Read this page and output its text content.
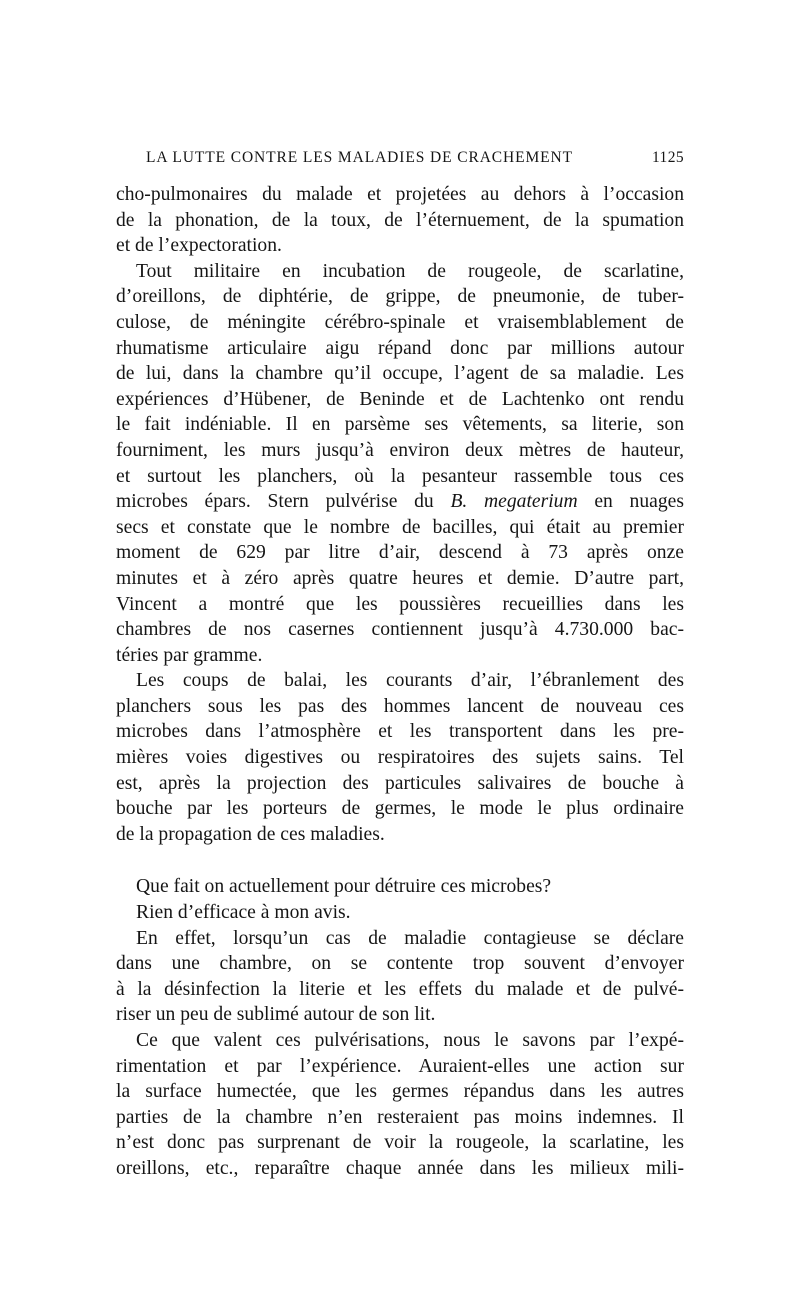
LA LUTTE CONTRE LES MALADIES DE CRACHEMENT	1125

cho-pulmonaires du malade et projetées au dehors à l’occasion
de la phonation, de la toux, de l’éternuement, de la spumation
et de l’expectoration.

Tout militaire en incubation de rougeole, de scarlatine,
d’oreillons, de diphtérie, de grippe, de pneumonie, de tuber-
culose, de méningite cérébro-spinale et vraisemblablement de
rhumatisme articulaire aigu répand donc par millions autour
de lui, dans la chambre qu’il occupe, l’agent de sa maladie. Les
expériences d’Hübener, de Beninde et de Lachtenko ont rendu
le fait indéniable. Il en parsème ses vêtements, sa literie, son
fourniment, les murs jusqu’à environ deux mètres de hauteur,
et surtout les planchers, où la pesanteur rassemble tous ces
microbes épars. Stern pulvérise du B. megaterium en nuages
secs et constate que le nombre de bacilles, qui était au premier
moment de 629 par litre d’air, descend à 73 après onze
minutes et à zéro après quatre heures et demie. D’autre part,
Vincent a montré que les poussières recueillies dans les
chambres de nos casernes contiennent jusqu’à 4.730.000 bac-
téries par gramme.

Les coups de balai, les courants d’air, l’ébranlement des
planchers sous les pas des hommes lancent de nouveau ces
microbes dans l’atmosphère et les transportent dans les pre-
mières voies digestives ou respiratoires des sujets sains. Tel
est, après la projection des particules salivaires de bouche à
bouche par les porteurs de germes, le mode le plus ordinaire
de la propagation de ces maladies.

Que fait on actuellement pour détruire ces microbes?

Rien d’efficace à mon avis.

En effet, lorsqu’un cas de maladie contagieuse se déclare
dans une chambre, on se contente trop souvent d’envoyer
à la désinfection la literie et les effets du malade et de pulvé-
riser un peu de sublimé autour de son lit.

Ce que valent ces pulvérisations, nous le savons par l’expé-
rimentation et par l’expérience. Auraient-elles une action sur
la surface humectée, que les germes répandus dans les autres
parties de la chambre n’en resteraient pas moins indemnes. Il
n’est donc pas surprenant de voir la rougeole, la scarlatine, les
oreillons, etc., reparaître chaque année dans les milieux mili-
